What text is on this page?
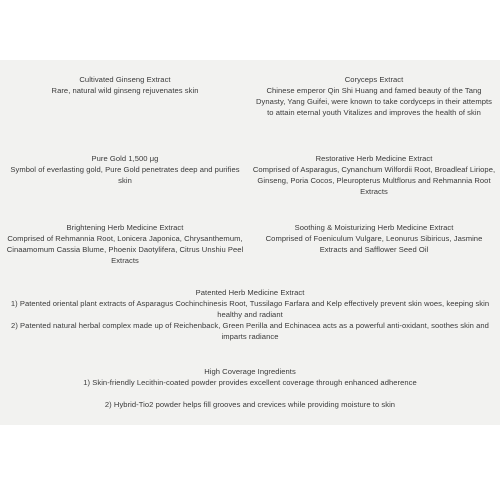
Cultivated Ginseng Extract
Rare, natural wild ginseng rejuvenates skin
Coryceps Extract
Chinese emperor Qin Shi Huang and famed beauty of the Tang Dynasty, Yang Guifei, were known to take cordyceps in their attempts to attain eternal youth Vitalizes and improves the health of skin
Pure Gold 1,500 μg
Symbol of everlasting gold, Pure Gold penetrates deep and purifies skin
Restorative Herb Medicine Extract
Comprised of Asparagus, Cynanchum Wilfordii Root, Broadleaf Liriope, Ginseng, Poria Cocos, Pleuropterus Multflorus and Rehmannia Root Extracts
Brightening Herb Medicine Extract
Comprised of Rehmannia Root, Lonicera Japonica, Chrysanthemum, Cinaamomum Cassia Blume, Phoenix Daotylifera, Citrus Unshiu Peel Extracts
Soothing & Moisturizing Herb Medicine Extract
Comprised of Foeniculum Vulgare, Leonurus Sibiricus, Jasmine Extracts and Safflower Seed Oil
Patented Herb Medicine Extract
1) Patented oriental plant extracts of Asparagus Cochinchinesis Root, Tussilago Farfara and Kelp effectively prevent skin woes, keeping skin healthy and radiant
2) Patented natural herbal complex made up of Reichenback, Green Perilla and Echinacea acts as a powerful anti-oxidant, soothes skin and imparts radiance
High Coverage Ingredients
1) Skin-friendly Lecithin-coated powder provides excellent coverage through enhanced adherence
2) Hybrid-Tio2 powder helps fill grooves and crevices while providing moisture to skin
